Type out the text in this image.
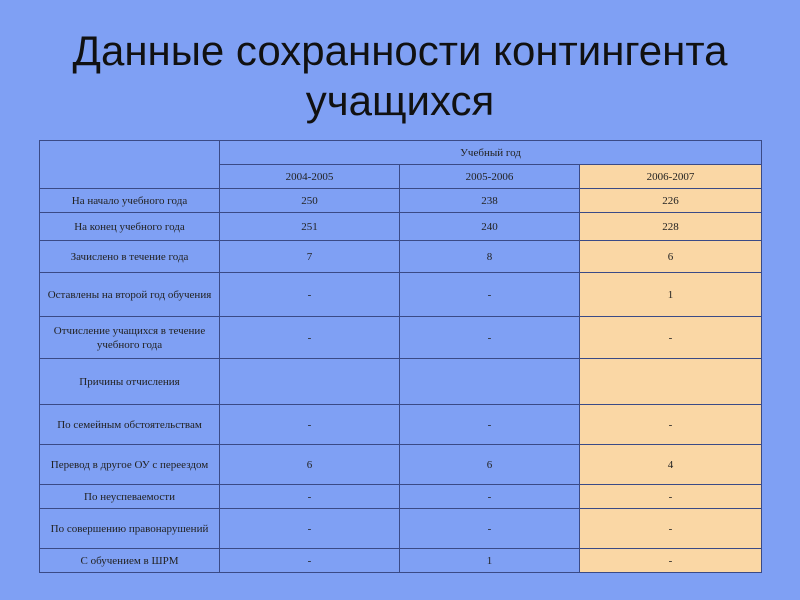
Данные сохранности контингента
учащихся
	Учебный год		
	2004-2005	2005-2006	2006-2007
На начало учебного года	250	238	226
На конец учебного года	251	240	228
Зачислено в течение года	7	8	6
Оставлены на второй год обучения	-	-	1
Отчисление учащихся в течение учебного года	-	-	-
Причины отчисления			
По семейным обстоятельствам	-	-	-
Перевод в другое ОУ с переездом	6	6	4
По неуспеваемости	-	-	-
По совершению правонарушений	-	-	-
С обучением в ШРМ	-	1	-
